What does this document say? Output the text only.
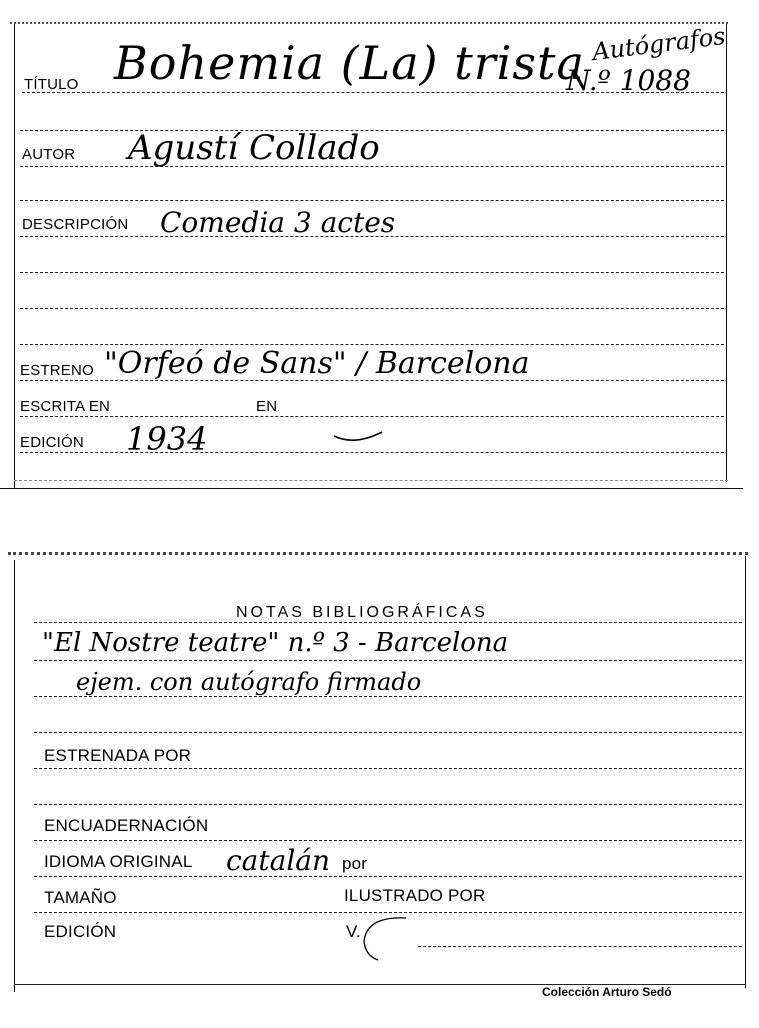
Autógrafos
TÍTULO Bohemia (La) trista
N.º 1088
AUTOR Agustí Collado
DESCRIPCIÓN Comedia 3 actes
ESTRENO "Orfeó de Sans" / Barcelona
ESCRITA EN	EN
EDICIÓN 1934
NOTAS BIBLIOGRÁFICAS
"El Nostre teatre" n.º 3 - Barcelona
ejem. con autógrafo firmado
ESTRENADA POR
ENCUADERNACIÓN
IDIOMA ORIGINAL catalán por
TAMAÑO	ILUSTRADO POR
EDICIÓN	V.
Colección Arturo Sedó
